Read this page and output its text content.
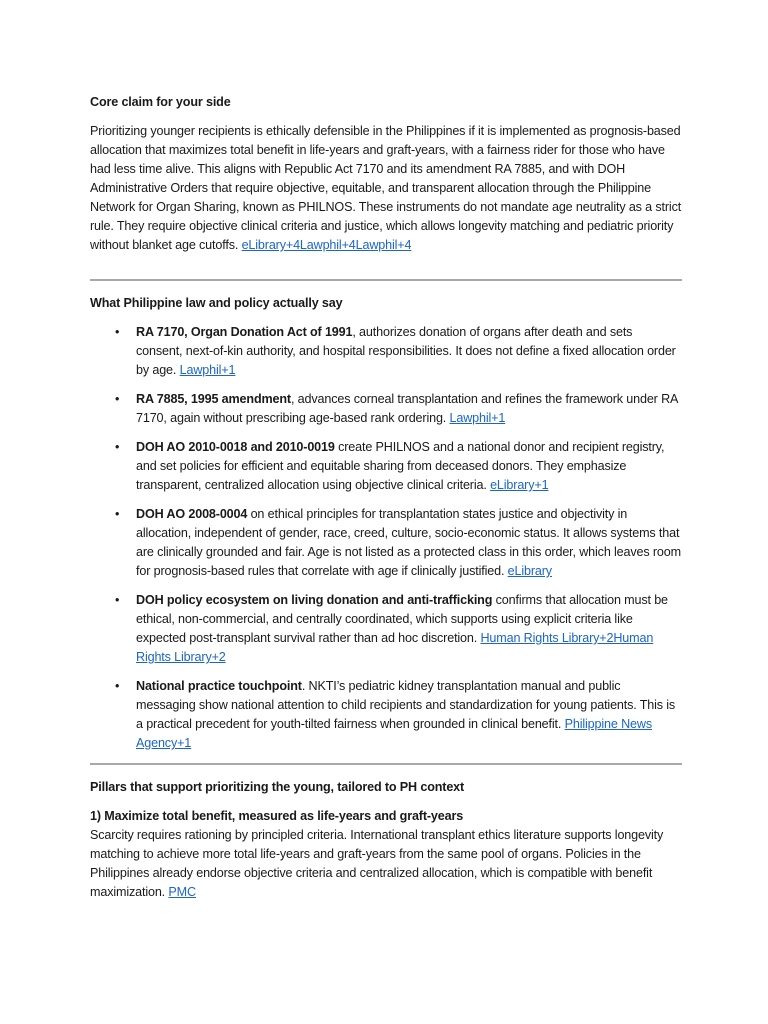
Core claim for your side

Prioritizing younger recipients is ethically defensible in the Philippines if it is implemented as prognosis-based allocation that maximizes total benefit in life-years and graft-years, with a fairness rider for those who have had less time alive. This aligns with Republic Act 7170 and its amendment RA 7885, and with DOH Administrative Orders that require objective, equitable, and transparent allocation through the Philippine Network for Organ Sharing, known as PHILNOS. These instruments do not mandate age neutrality as a strict rule. They require objective clinical criteria and justice, which allows longevity matching and pediatric priority without blanket age cutoffs. eLibrary+4Lawphil+4Lawphil+4

What Philippine law and policy actually say
• RA 7170, Organ Donation Act of 1991, authorizes donation of organs after death and sets consent, next-of-kin authority, and hospital responsibilities. It does not define a fixed allocation order by age. Lawphil+1
• RA 7885, 1995 amendment, advances corneal transplantation and refines the framework under RA 7170, again without prescribing age-based rank ordering. Lawphil+1
• DOH AO 2010-0018 and 2010-0019 create PHILNOS and a national donor and recipient registry, and set policies for efficient and equitable sharing from deceased donors. They emphasize transparent, centralized allocation using objective clinical criteria. eLibrary+1
• DOH AO 2008-0004 on ethical principles for transplantation states justice and objectivity in allocation, independent of gender, race, creed, culture, socio-economic status. It allows systems that are clinically grounded and fair. Age is not listed as a protected class in this order, which leaves room for prognosis-based rules that correlate with age if clinically justified. eLibrary
• DOH policy ecosystem on living donation and anti-trafficking confirms that allocation must be ethical, non-commercial, and centrally coordinated, which supports using explicit criteria like expected post-transplant survival rather than ad hoc discretion. Human Rights Library+2Human Rights Library+2
• National practice touchpoint. NKTI’s pediatric kidney transplantation manual and public messaging show national attention to child recipients and standardization for young patients. This is a practical precedent for youth-tilted fairness when grounded in clinical benefit. Philippine News Agency+1
Pillars that support prioritizing the young, tailored to PH context
1) Maximize total benefit, measured as life-years and graft-years

Scarcity requires rationing by principled criteria. International transplant ethics literature supports longevity matching to achieve more total life-years and graft-years from the same pool of organs. Policies in the Philippines already endorse objective criteria and centralized allocation, which is compatible with benefit maximization. PMC
